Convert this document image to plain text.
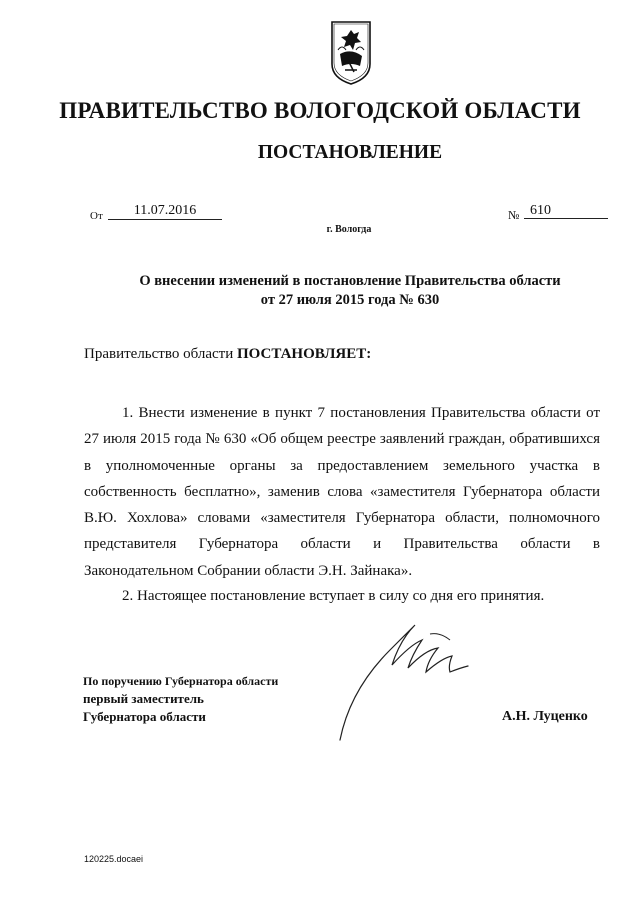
ПРАВИТЕЛЬСТВО ВОЛОГОДСКОЙ ОБЛАСТИ
ПОСТАНОВЛЕНИЕ
От	11.07.2016	№ 610
г. Вологда
О внесении изменений в постановление Правительства области
от 27 июля 2015 года № 630
Правительство области ПОСТАНОВЛЯЕТ:
1. Внести изменение в пункт 7 постановления Правительства области от 27 июля 2015 года № 630 «Об общем реестре заявлений граждан, обратившихся в уполномоченные органы за предоставлением земельного участка в собственность бесплатно», заменив слова «заместителя Губернатора области В.Ю. Хохлова» словами «заместителя Губернатора области, полномочного представителя Губернатора области и Правительства области в Законодательном Собрании области Э.Н. Зайнака».
2. Настоящее постановление вступает в силу со дня его принятия.
По поручению Губернатора области
первый заместитель
Губернатора области	А.Н. Луценко
120225.docaei
